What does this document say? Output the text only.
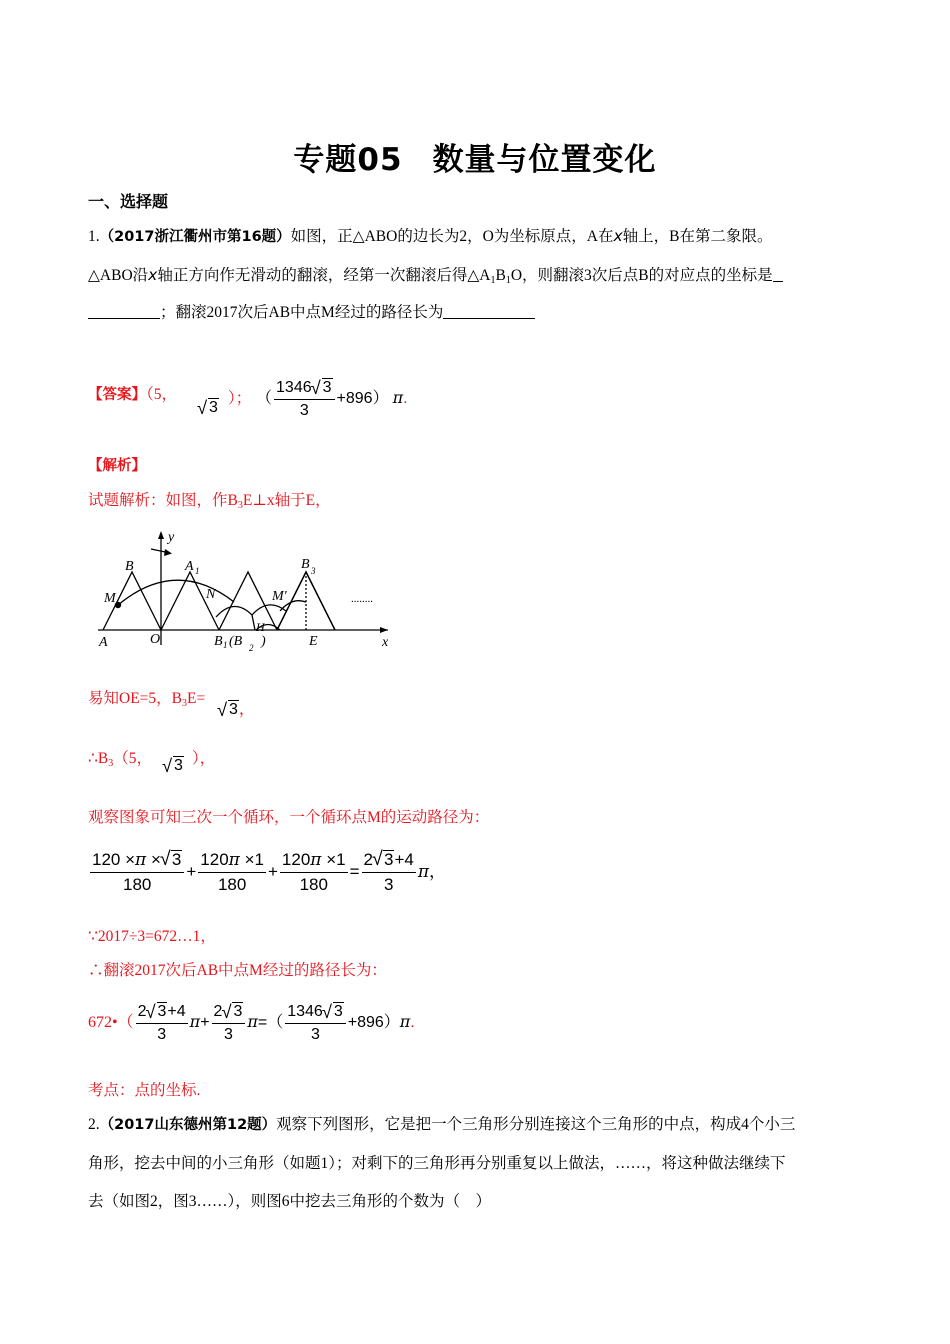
专题05 数量与位置变化
一、选择题
1.（2017浙江衢州市第16题）如图，正△ABO的边长为2，O为坐标原点，A在x轴上，B在第二象限。
△ABO沿x轴正方向作无滑动的翻滚，经第一次翻滚后得$\triangle A_1B_1O$，则翻滚3次后点B的对应点的坐标是
；翻滚2017次后AB中点M经过的路径长为
【答案】（5，
√ 3
）； （ $\frac{1346 √ 3}{3} +896$） π.
【解析】
试题解析：如图，作$B_3E\perp x$轴于E，
y
x
A	O
B	A 1
N
M	M′
B 1 (B 2 )
H
B 3
E
........
易知OE=5，$B_3E=$
√ 3，
$\therefore B_3(5$， √ 3 ），
观察图象可知三次一个循环，一个循环点M的运动路径为：
$\frac{120 \times\pi \times √ 3}{180} + \frac{120\pi \times 1}{180} + \frac{120\pi \times 1}{180} = \frac{2 √ 3+4}{3}$ π，
∵2017÷3=672…1，
∴翻滚2017次后AB中点M经过的路径长为：
672•（ $\frac{2 √ 3+4}{3} \pi+ \frac{2 √ 3}{3} \pi=( \frac{1346 √ 3}{3} +896)\pi$.
考点：点的坐标.
2.（2017山东德州第12题）观察下列图形，它是把一个三角形分别连接这个三角形的中点，构成4个小三
角形，挖去中间的小三角形（如题1）；对剩下的三角形再分别重复以上做法，……，将这种做法继续下
去（如图2，图3……），则图6中挖去三角形的个数为（　）
